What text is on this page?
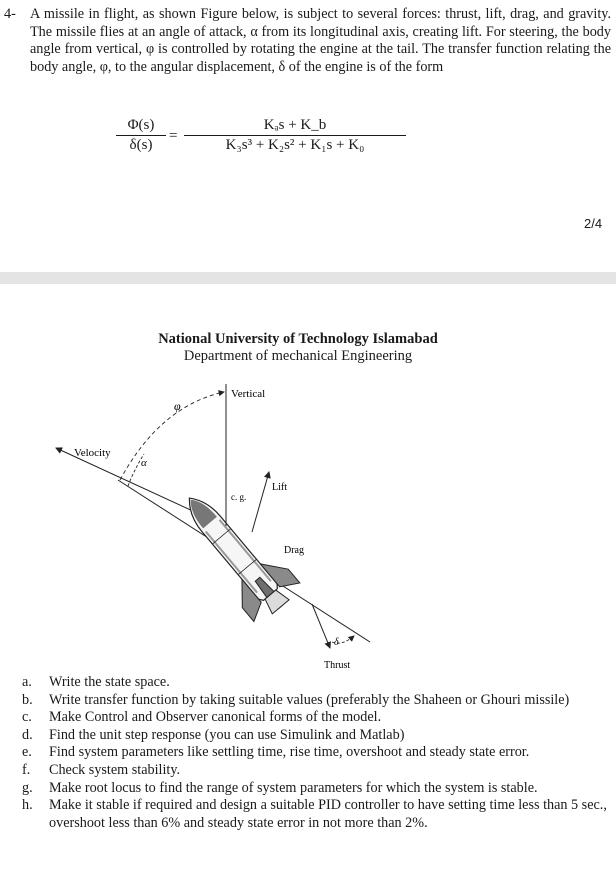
4- A missile in flight, as shown Figure below, is subject to several forces: thrust, lift, drag, and gravity. The missile flies at an angle of attack, α from its longitudinal axis, creating lift. For steering, the body angle from vertical, φ is controlled by rotating the engine at the tail. The transfer function relating the body angle, φ, to the angular displacement, δ of the engine is of the form
Φ(s)
δ(s)
=
Kₐs + K_b
K₃s³ + K₂s² + K₁s + K₀
2/4
National University of Technology Islamabad
Department of mechanical Engineering
Vertical
Velocity
φ
α
c. g.
Lift
Drag
Thrust
δ
a. Write the state space.
b. Write transfer function by taking suitable values (preferably the Shaheen or Ghouri missile)
c. Make Control and Observer canonical forms of the model.
d. Find the unit step response (you can use Simulink and Matlab)
e. Find system parameters like settling time, rise time, overshoot and steady state error.
f. Check system stability.
g. Make root locus to find the range of system parameters for which the system is stable.
h. Make it stable if required and design a suitable PID controller to have setting time less than 5 sec., overshoot less than 6% and steady state error in not more than 2%.
